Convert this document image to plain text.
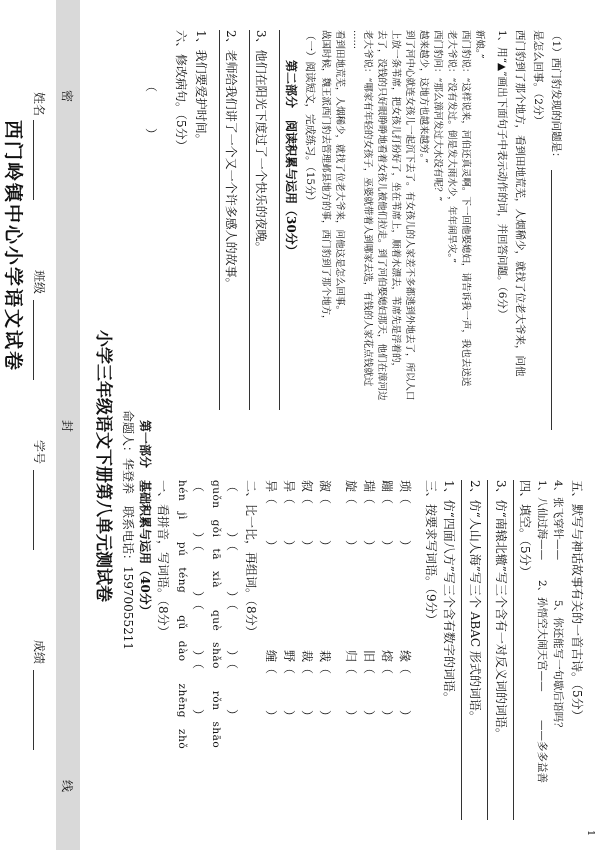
密
封
线
姓名
班级
学号
成绩
西门岭镇中心小学语文试卷
小学三年级语文下册第八单元测试卷 命题人：华登养　联系电话：15970055211 第一部分　基础积累与运用（40分） 一、看拼音，写词语。（8分） hén　jì　　pú　téng　　qǔ　dào　　zhēng　zhǒ （　　　）（　　　）（　　　）（　　　） guǒn　gǒi　tā　xià　　què　shǎo　　rǒn　shāo （　　　）（　　　）（　　　）（　　　） 二、比一比，再组词。（8分） 异（　　　）缠（　　　）
异（　　　）野（　　　）
叙（　　　）裁（　　　）
溆（　　　）栽（　　　）
旋（　　　）归（　　　）
瑞（　　　）旧（　　　）
蹦（　　　）熔（　　　）
琐（　　　）缘（　　　）
三、按要求写词语。（9分） 1、仿“四面八方”写三个含有数字的词语。 2、仿“人山人海”写三个 ABAC 形式的词语。 3、仿“南辕北辙”写三个含有一对反义词的词语。 四、填空。（5分） 1、八仙过海——
2、孙悟空大闹天宫——
——多多益善
4、张飞穿针——
5、你还能写一句歇后语吗？ 五、默写与神话故事有关的一首古诗。（5分）
（　　　） 六、修改病句。（5分） 1、我们要爱护时间。 2、老师给我们讲了一个又一个许多感人的故事。 3、他们在阳光下度过了一个快乐的夜晚。 第二部分　阅读积累与运用（30分） （一）阅读短文，完成练习。（15分） 战国时候，魏王派西门豹去管理邺县地方的事，西门豹到了那个地方， 看到田地荒芜，人烟稀少，就找了位老大爷来，问他这是怎么回事。 …… 老大爷说：“哪家有年轻的女孩子，巫婆就带着人到哪家去选，有钱的人家花点钱就过 去了，没钱的只好眼睁睁地看着女孩儿被他们拉走。到了河伯娶媳妇那天，他们在漳河边 上放一条苇席，把女孩儿打扮好了，坐在苇席上，顺着水漂去，苇席先是浮着的， 到了河中心就连女孩儿一起沉下去了。有女孩儿的人家差不多都逃到外地去了，所以人口 越来越少，这地方也越来越穷。” 西门豹问：“那么漳河发过大水没有呢？” 老大爷说：“没有发过。倒是发大雨水少，年年闹旱灾。” 西门豹说：“这样说来，河伯还真灵啊。下一回他娶媳妇，请告诉我一声，我也去送送 新娘。” 1、用“▲”画出下面句子中表示动作的词，并回答问题。（6分） 西门豹到了那个地方，看到田地荒芜，人烟稀少，就找了位老大爷来，问他 是怎么回事。（2分） （1）西门豹发现的问题是：
1
